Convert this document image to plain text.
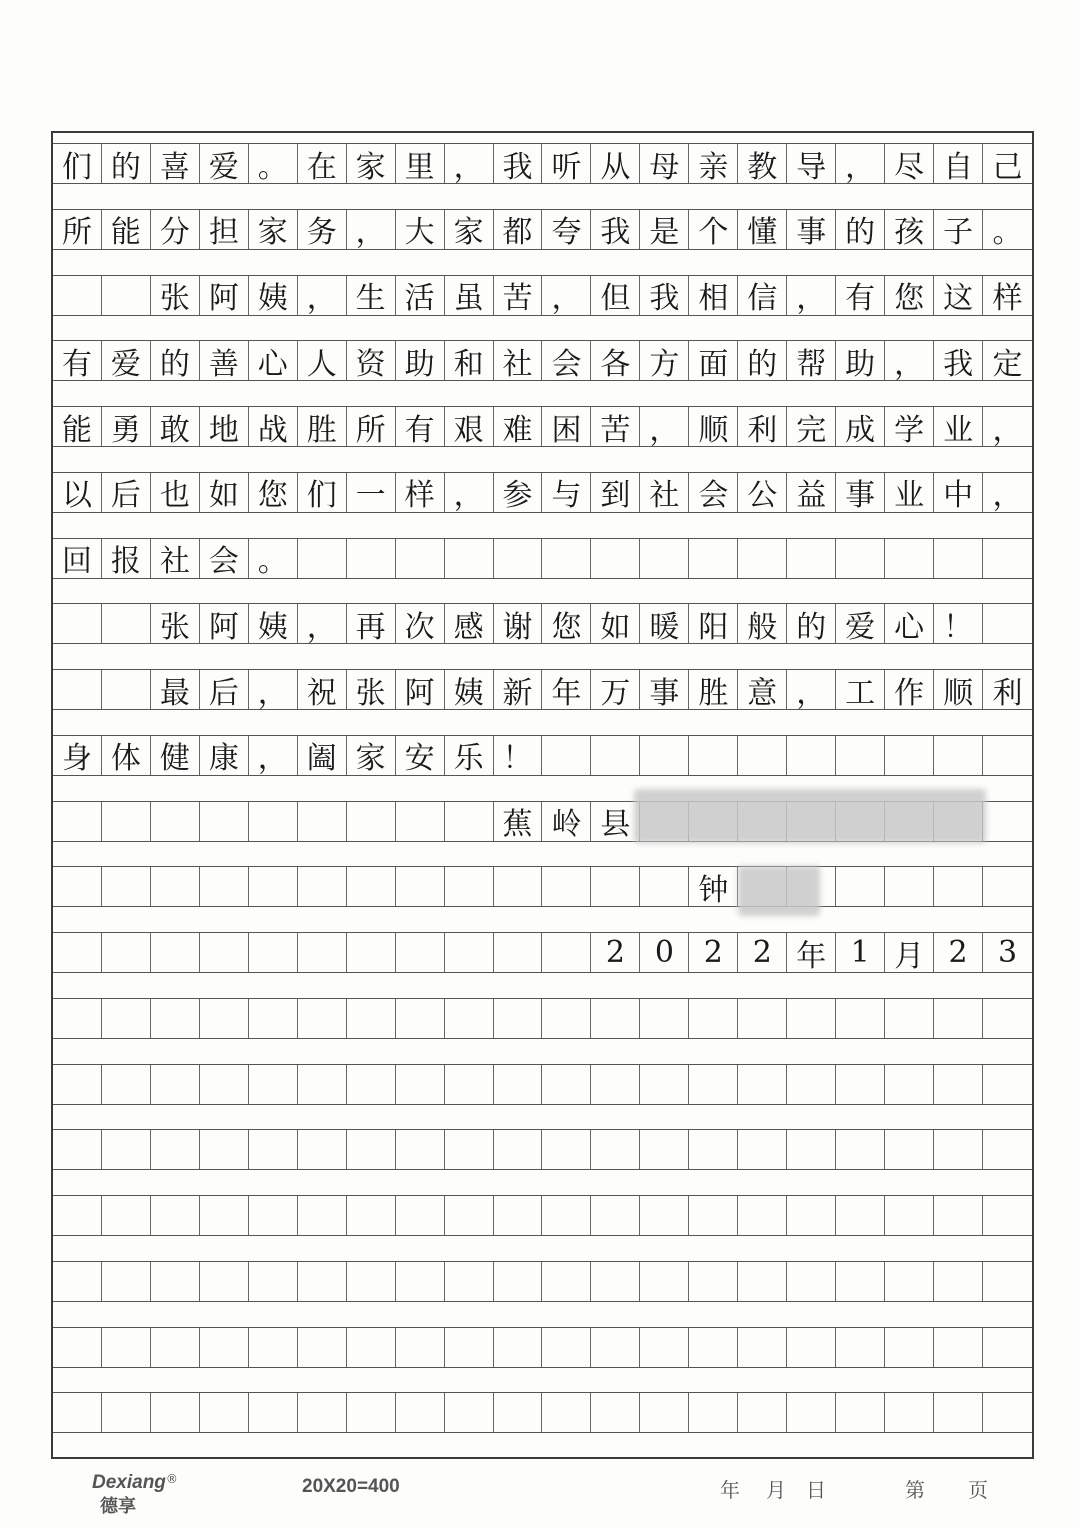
们 的 喜 爱 。 在 家 里 ， 我 听 从 母 亲 教 导 ， 尽 自 己
所 能 分 担 家 务 ， 大 家 都 夸 我 是 个 懂 事 的 孩 子 。
张 阿 姨 ， 生 活 虽 苦 ， 但 我 相 信 ， 有 您 这 样
有 爱 的 善 心 人 资 助 和 社 会 各 方 面 的 帮 助 ， 我 定
能 勇 敢 地 战 胜 所 有 艰 难 困 苦 ， 顺 利 完 成 学 业 ，
以 后 也 如 您 们 一 样 ， 参 与 到 社 会 公 益 事 业 中 ，
回 报 社 会 。
张 阿 姨 ， 再 次 感 谢 您 如 暖 阳 般 的 爱 心 ！
最 后 ， 祝 张 阿 姨 新 年 万 事 胜 意 ， 工 作 顺 利
身 体 健 康 ， 阖 家 安 乐 ！
蕉 岭 县
钟
2 0 2 2 年 1 月 2	3
Dexiang®
德享
20X20=400	年 月 日	第 页
